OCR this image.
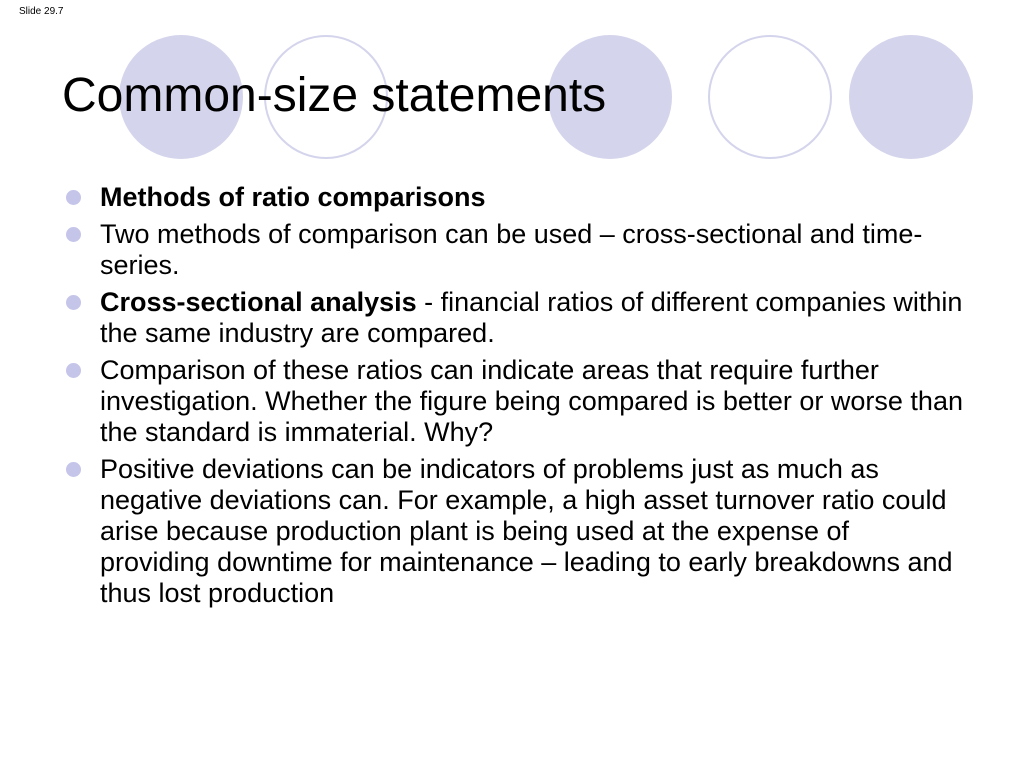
Slide 29.7
Common-size statements
Methods of ratio comparisons
Two methods of comparison can be used – cross-sectional and time-series.
Cross-sectional analysis - financial ratios of different companies within the same industry are compared.
Comparison of these ratios can indicate areas that require further investigation. Whether the figure being compared is better or worse than the standard is immaterial. Why?
Positive deviations can be indicators of problems just as much as negative deviations can. For example, a high asset turnover ratio could arise because production plant is being used at the expense of providing downtime for maintenance – leading to early breakdowns and thus lost production
